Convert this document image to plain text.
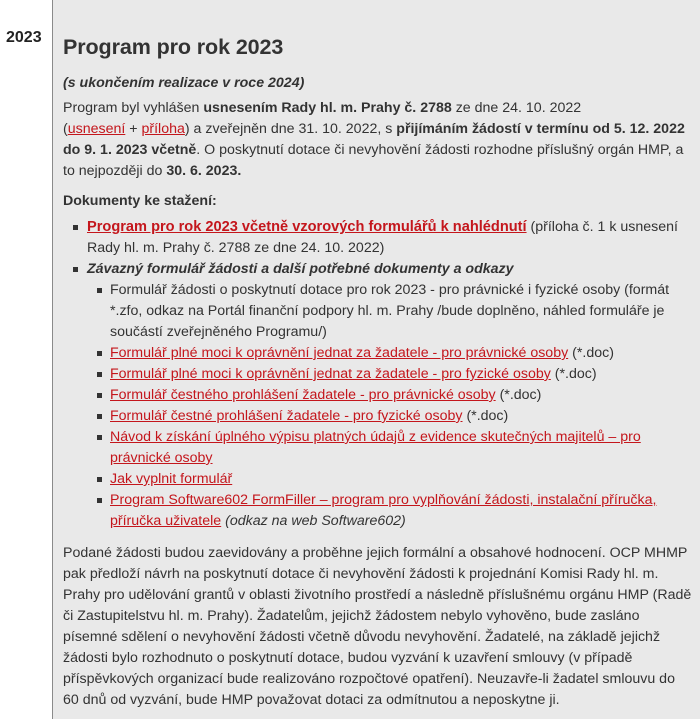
2023 Program pro rok 2023

(s ukončením realizace v roce 2024)

Program byl vyhlášen usnesením Rady hl. m. Prahy č. 2788 ze dne 24. 10. 2022
(usnesení + příloha) a zveřejněn dne 31. 10. 2022, s přijímáním žádostí v termínu od 5. 12. 2022 do 9. 1. 2023 včetně. O poskytnutí dotace či nevyhovění žádosti rozhodne příslušný orgán HMP, a to nejpozději do 30. 6. 2023.

Dokumenty ke stažení:

Program pro rok 2023 včetně vzorových formulářů k nahlédnutí (příloha č. 1 k usnesení Rady hl. m. Prahy č. 2788 ze dne 24. 10. 2022)
Závazný formulář žádosti a další potřebné dokumenty a odkazy
Formulář žádosti o poskytnutí dotace pro rok 2023 - pro právnické i fyzické osoby (formát *.zfo, odkaz na Portál finanční podpory hl. m. Prahy /bude doplněno, náhled formuláře je součástí zveřejněného Programu/)
Formulář plné moci k oprávnění jednat za žadatele - pro právnické osoby (*.doc)
Formulář plné moci k oprávnění jednat za žadatele - pro fyzické osoby (*.doc)
Formulář čestného prohlášení žadatele - pro právnické osoby (*.doc)
Formulář čestné prohlášení žadatele - pro fyzické osoby (*.doc)
Návod k získání úplného výpisu platných údajů z evidence skutečných majitelů – pro právnické osoby
Jak vyplnit formulář
Program Software602 FormFiller – program pro vyplňování žádosti, instalační příručka, příručka uživatele (odkaz na web Software602)

Podané žádosti budou zaevidovány a proběhne jejich formální a obsahové hodnocení. OCP MHMP pak předloží návrh na poskytnutí dotace či nevyhovění žádosti k projednání Komisi Rady hl. m. Prahy pro udělování grantů v oblasti životního prostředí a následně příslušnému orgánu HMP (Radě či Zastupitelstvu hl. m. Prahy). Žadatelům, jejichž žádostem nebylo vyhověno, bude zasláno písemné sdělení o nevyhovění žádosti včetně důvodu nevyhovění. Žadatelé, na základě jejichž žádosti bylo rozhodnuto o poskytnutí dotace, budou vyzvání k uzavření smlouvy (v případě příspěvkových organizací bude realizováno rozpočtové opatření). Neuzavře-li žadatel smlouvu do 60 dnů od vyzvání, bude HMP považovat dotaci za odmítnutou a neposkytne ji.
